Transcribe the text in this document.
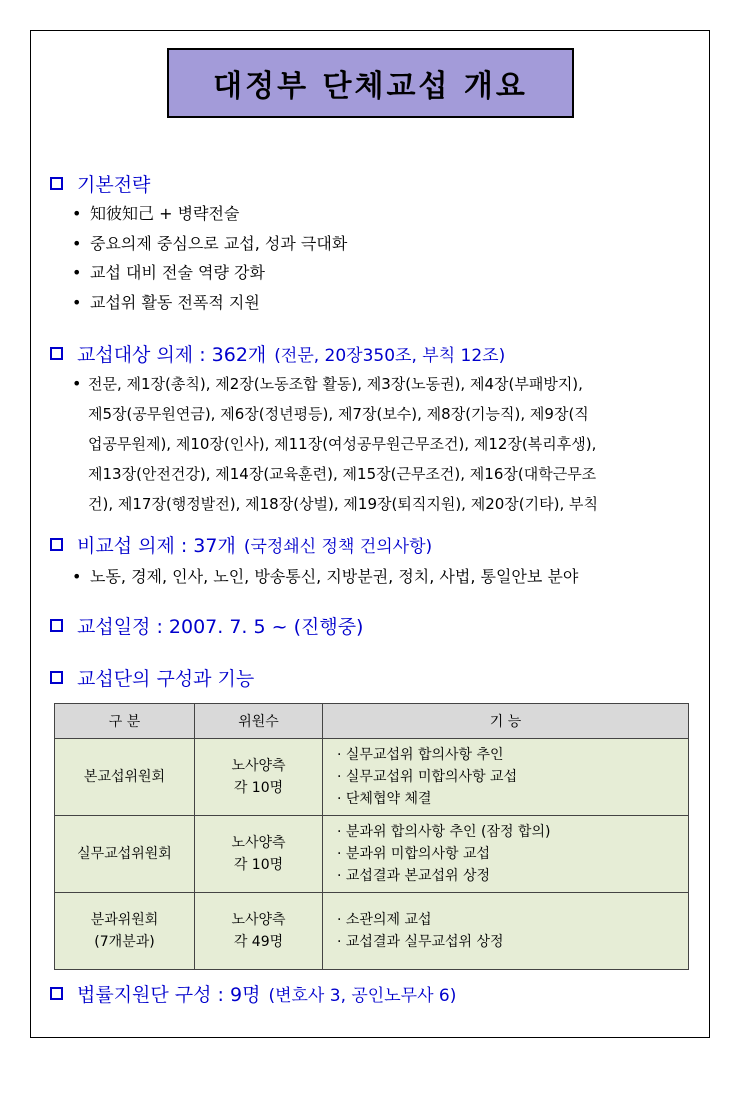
대정부 단체교섭 개요
기본전략
• 知彼知己 + 병략전술
• 중요의제 중심으로 교섭, 성과 극대화
• 교섭 대비 전술 역량 강화
• 교섭위 활동 전폭적 지원
교섭대상 의제 : 362개 (전문, 20장350조, 부칙 12조)
• 전문, 제1장(총칙), 제2장(노동조합 활동), 제3장(노동권), 제4장(부패방지),
제5장(공무원연금), 제6장(정년평등), 제7장(보수), 제8장(기능직), 제9장(직
업공무원제), 제10장(인사), 제11장(여성공무원근무조건), 제12장(복리후생),
제13장(안전건강), 제14장(교육훈련), 제15장(근무조건), 제16장(대학근무조
건), 제17장(행정발전), 제18장(상벌), 제19장(퇴직지원), 제20장(기타), 부칙
비교섭 의제 : 37개 (국정쇄신 정책 건의사항)
• 노동, 경제, 인사, 노인, 방송통신, 지방분권, 정치, 사법, 통일안보 분야
교섭일정 : 2007. 7. 5 ~ (진행중)
교섭단의 구성과 기능
구 분	위원수	기 능

본교섭위원회	노사양측
각 10명	· 실무교섭위 합의사항 추인
· 실무교섭위 미합의사항 교섭
· 단체협약 체결

실무교섭위원회	노사양측
각 10명	· 분과위 합의사항 추인 (잠정 합의)
· 분과위 미합의사항 교섭
· 교섭결과 본교섭위 상정

분과위원회
(7개분과)	노사양측
각 49명	· 소관의제 교섭
· 교섭결과 실무교섭위 상정
법률지원단 구성 : 9명 (변호사 3, 공인노무사 6)
